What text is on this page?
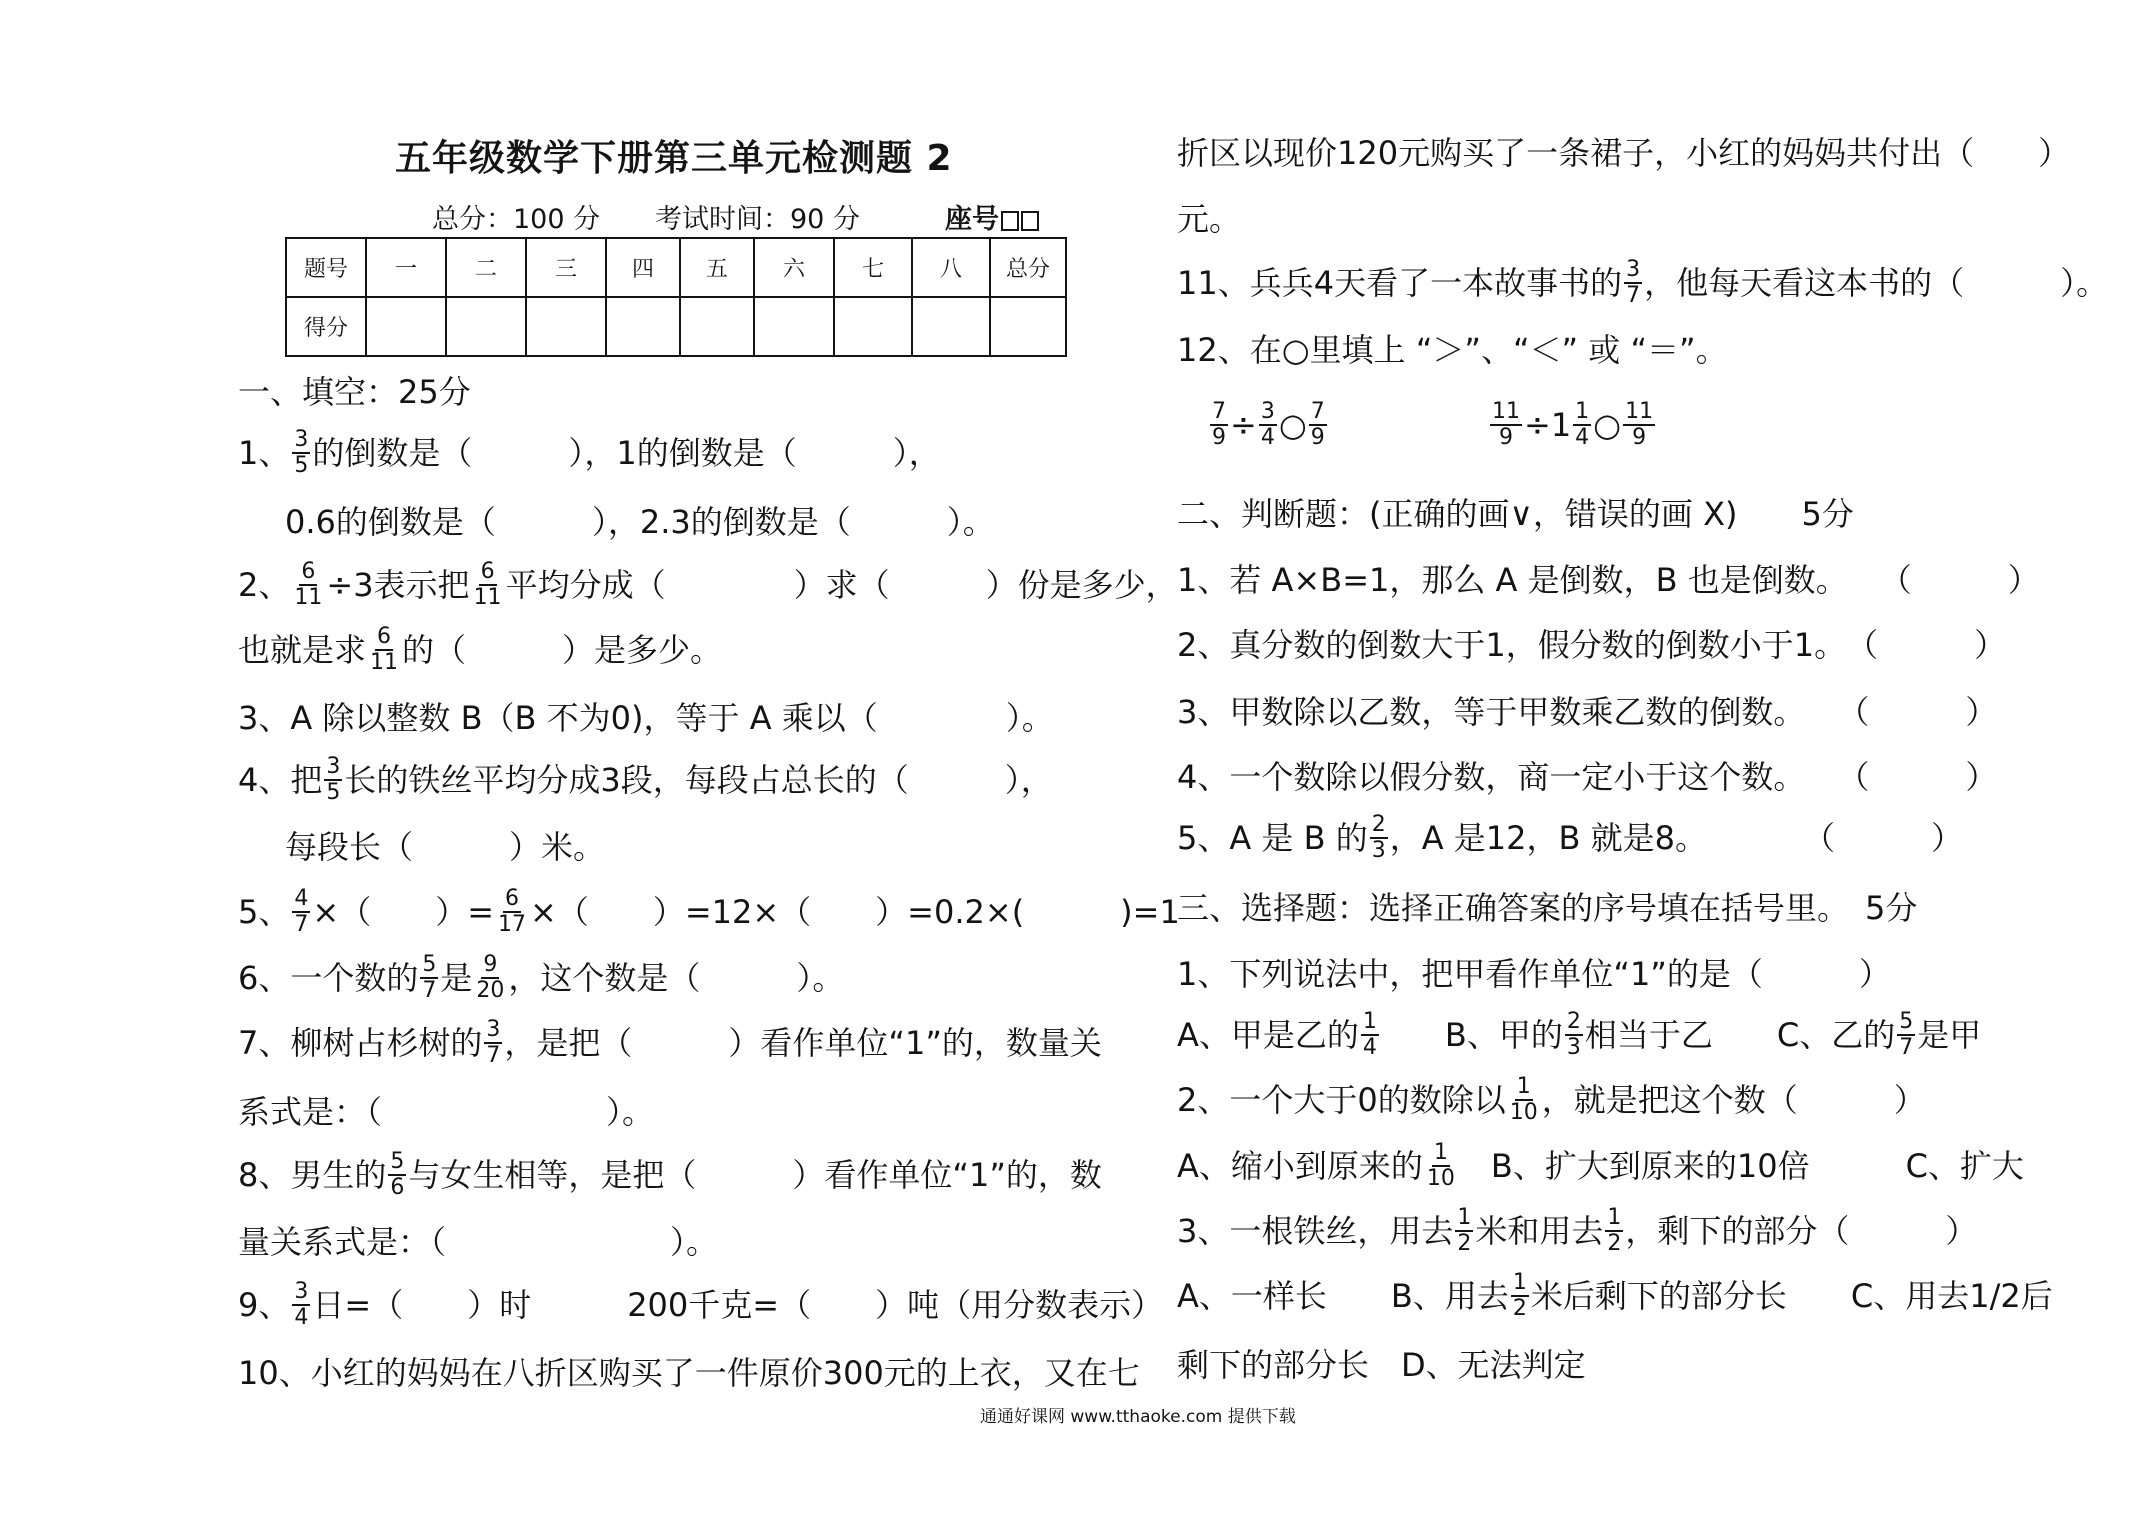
五年级数学下册第三单元检测题 2
总分：100 分 考试时间：90 分	座号
题号	一	二	三	四	五	六	七	八	总分
得分									
一、填空：25分
1、 $\frac{3}{5}$ 的倒数是（　　　），1的倒数是（　　　），
0.6的倒数是（　　　），2.3的倒数是（　　　）。
2、 $\frac{6}{11} \div 3$表示把 $\frac{6}{11}$ 平均分成（　　　　）求（　　　）份是多少，
也就是求 $\frac{6}{11}$ 的（　　　）是多少。
3、A 除以整数 B（B 不为0)，等于 A 乘以（　　　　）。
4、把 $\frac{3}{5}$ 长的铁丝平均分成3段，每段占总长的（　　　），
每段长（　　　）米。
5、 $\frac{4}{7}$ ×（　　）= $\frac{6}{17}$ ×（　　）=12×（　　）=0.2×(　　　)=1
6、一个数的 $\frac{5}{7}$ 是 $\frac{9}{20}$ ，这个数是（　　　）。
7、柳树占杉树的 $\frac{3}{7}$ ，是把（　　　）看作单位“1”的，数量关
系式是：（　　　　　　　）。
8、男生的 $\frac{5}{6}$ 与女生相等，是把（　　　）看作单位“1”的，数
量关系式是：（　　　　　　　）。
9、 $\frac{3}{4}$ 日=（　　）时　　　200千克=（　　）吨（用分数表示）
10、小红的妈妈在八折区购买了一件原价300元的上衣，又在七
折区以现价120元购买了一条裙子，小红的妈妈共付出（　　）
元。
11、兵兵4天看了一本故事书的 $\frac{3}{7}$ ，他每天看这本书的（　　　）。
12、在○里填上 “＞”、“＜” 或 “＝”。
$\frac{7}{9} \div \frac{3}{4}$ ○ $\frac{7}{9}$	$\frac{11}{9} \div 1 \frac{1}{4}$ ○ $\frac{11}{9}$
二、判断题：(正确的画∨，错误的画 X)　　5分
1、若 A×B=1，那么 A 是倒数，B 也是倒数。　　（　　　）
2、真分数的倒数大于1，假分数的倒数小于1。　（　　　）
3、甲数除以乙数，等于甲数乘乙数的倒数。　　（　　　）
4、一个数除以假分数，商一定小于这个数。　　（　　　）
5、A 是 B 的 $\frac{2}{3}$ ，A 是12，B 就是8。　　　　（　　　）
三、选择题：选择正确答案的序号填在括号里。　5分
1、下列说法中，把甲看作单位“1”的是（　　　）
A、甲是乙的 $\frac{1}{4}$ 　　B、甲的 $\frac{2}{3}$ 相当于乙　　C、乙的 $\frac{5}{7}$ 是甲
2、一个大于0的数除以 $\frac{1}{10}$ ，就是把这个数（　　　）
A、缩小到原来的 $\frac{1}{10}$ 　B、扩大到原来的10倍　　　C、扩大
3、一根铁丝，用去 $\frac{1}{2}$ 米和用去 $\frac{1}{2}$ ，剩下的部分（　　　）
A、一样长　　B、用去 $\frac{1}{2}$ 米后剩下的部分长　　C、用去1/2后
剩下的部分长　D、无法判定
通通好课网 www.tthaoke.com 提供下载
